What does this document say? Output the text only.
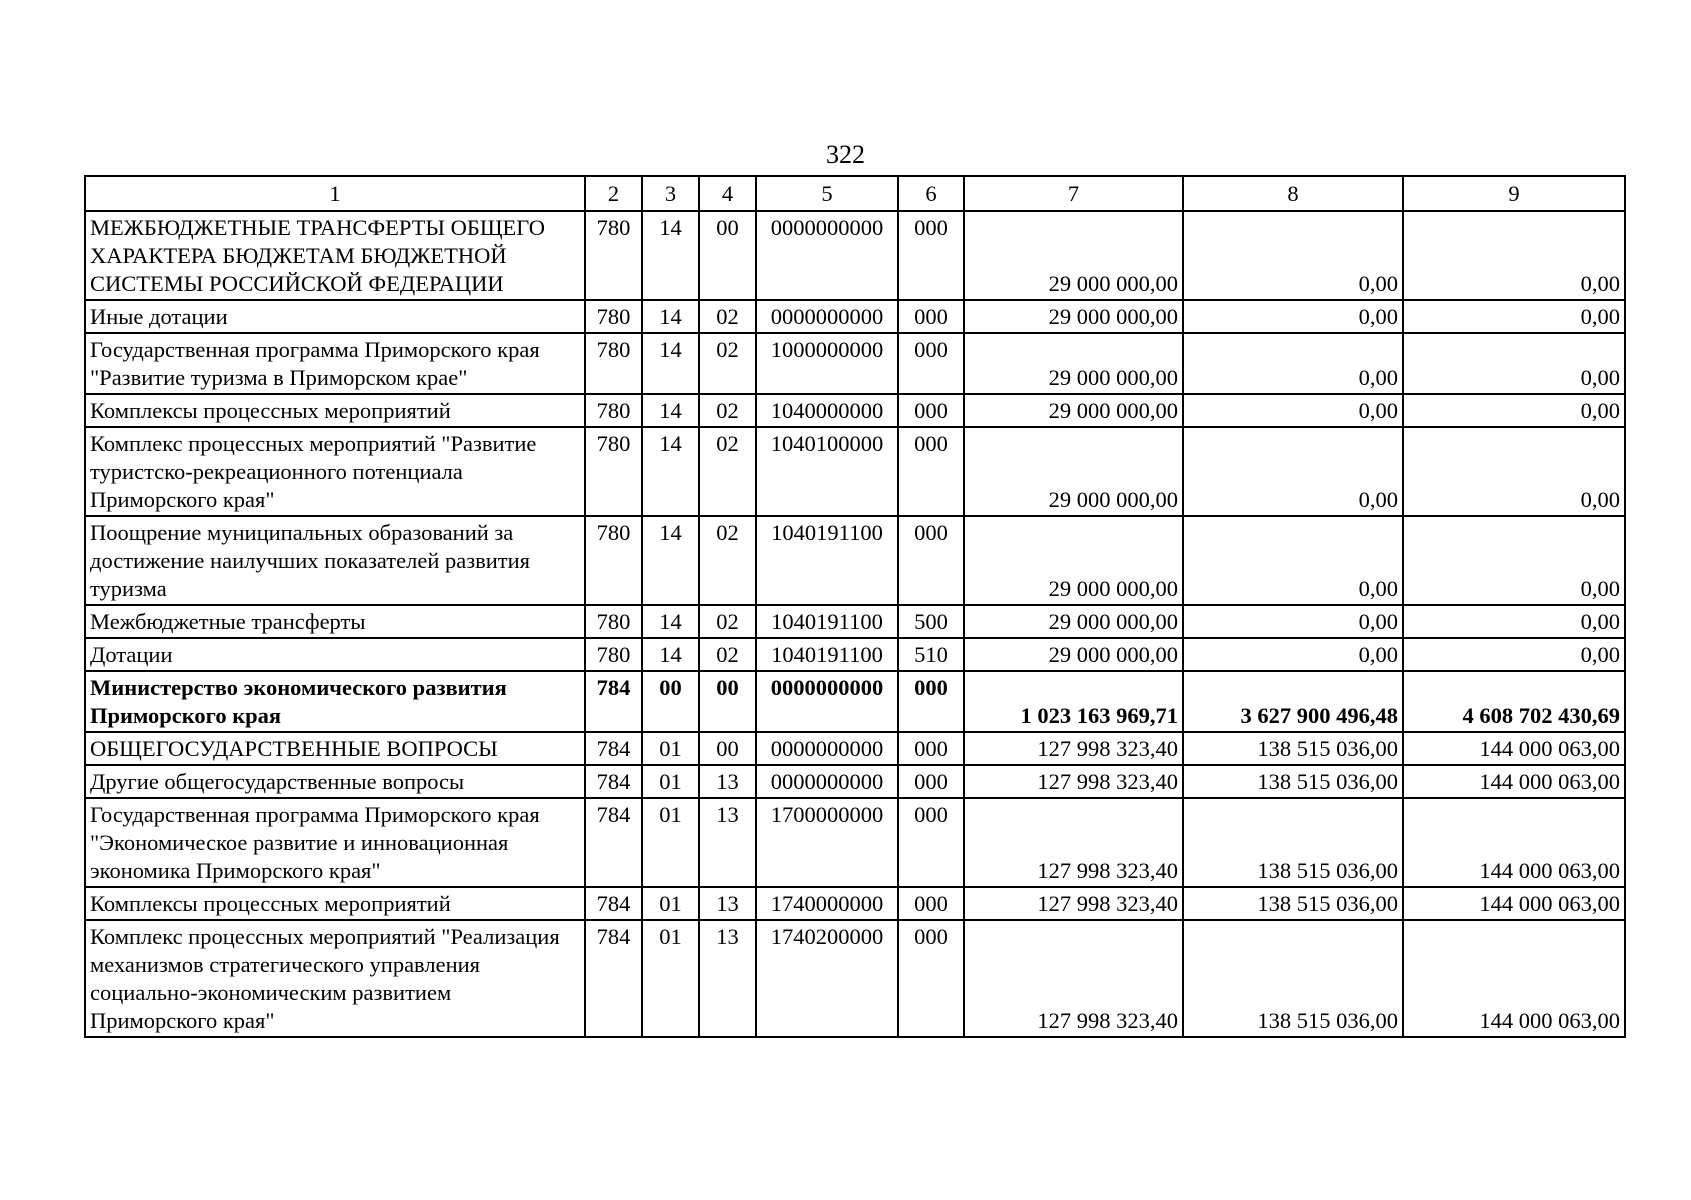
322
1	2	3	4	5	6	7	8	9
МЕЖБЮДЖЕТНЫЕ ТРАНСФЕРТЫ ОБЩЕГО ХАРАКТЕРА БЮДЖЕТАМ БЮДЖЕТНОЙ СИСТЕМЫ РОССИЙСКОЙ ФЕДЕРАЦИИ	780	14	00	0000000000	000	29 000 000,00	0,00	0,00
Иные дотации	780	14	02	0000000000	000	29 000 000,00	0,00	0,00
Государственная программа Приморского края "Развитие туризма в Приморском крае"	780	14	02	1000000000	000	29 000 000,00	0,00	0,00
Комплексы процессных мероприятий	780	14	02	1040000000	000	29 000 000,00	0,00	0,00
Комплекс процессных мероприятий "Развитие туристско-рекреационного потенциала Приморского края"	780	14	02	1040100000	000	29 000 000,00	0,00	0,00
Поощрение муниципальных образований за достижение наилучших показателей развития туризма	780	14	02	1040191100	000	29 000 000,00	0,00	0,00
Межбюджетные трансферты	780	14	02	1040191100	500	29 000 000,00	0,00	0,00
Дотации	780	14	02	1040191100	510	29 000 000,00	0,00	0,00
Министерство экономического развития Приморского края	784	00	00	0000000000	000	1 023 163 969,71	3 627 900 496,48	4 608 702 430,69
ОБЩЕГОСУДАРСТВЕННЫЕ ВОПРОСЫ	784	01	00	0000000000	000	127 998 323,40	138 515 036,00	144 000 063,00
Другие общегосударственные вопросы	784	01	13	0000000000	000	127 998 323,40	138 515 036,00	144 000 063,00
Государственная программа Приморского края "Экономическое развитие и инновационная экономика Приморского края"	784	01	13	1700000000	000	127 998 323,40	138 515 036,00	144 000 063,00
Комплексы процессных мероприятий	784	01	13	1740000000	000	127 998 323,40	138 515 036,00	144 000 063,00
Комплекс процессных мероприятий "Реализация механизмов стратегического управления социально-экономическим развитием Приморского края"	784	01	13	1740200000	000	127 998 323,40	138 515 036,00	144 000 063,00
